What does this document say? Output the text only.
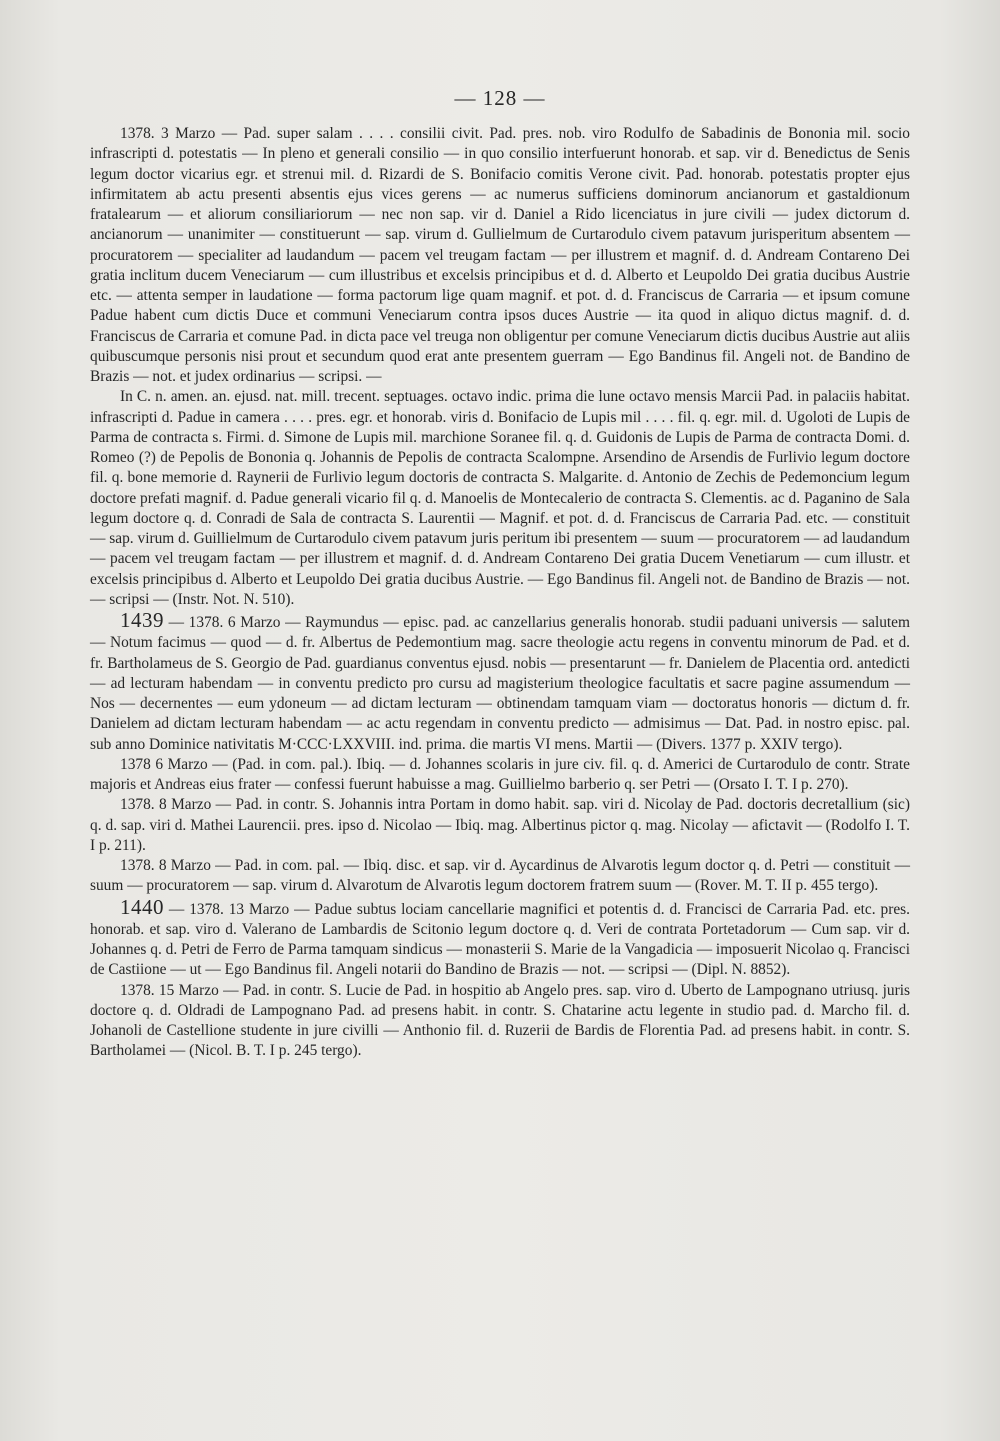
— 128 —

1378. 3 Marzo — Pad. super salam . . . . consilii civit. Pad. pres. nob. viro Rodulfo de Sabadinis de Bononia mil. socio infrascripti d. potestatis — In pleno et generali consilio — in quo consilio interfuerunt honorab. et sap. vir d. Benedictus de Senis legum doctor vicarius egr. et strenui mil. d. Rizardi de S. Bonifacio comitis Verone civit. Pad. honorab. potestatis propter ejus infirmitatem ab actu presenti absentis ejus vices gerens — ac numerus sufficiens dominorum ancianorum et gastaldionum fratalearum — et aliorum consiliariorum — nec non sap. vir d. Daniel a Rido licenciatus in jure civili — judex dictorum d. ancianorum — unanimiter — constituerunt — sap. virum d. Gullielmum de Curtarodulo civem patavum jurisperitum absentem — procuratorem — specialiter ad laudandum — pacem vel treugam factam — per illustrem et magnif. d. d. Andream Contareno Dei gratia inclitum ducem Veneciarum — cum illustribus et excelsis principibus et d. d. Alberto et Leupoldo Dei gratia ducibus Austrie etc. — attenta semper in laudatione — forma pactorum lige quam magnif. et pot. d. d. Franciscus de Carraria — et ipsum comune Padue habent cum dictis Duce et communi Veneciarum contra ipsos duces Austrie — ita quod in aliquo dictus magnif. d. d. Franciscus de Carraria et comune Pad. in dicta pace vel treuga non obligentur per comune Veneciarum dictis ducibus Austrie aut aliis quibuscumque personis nisi prout et secundum quod erat ante presentem guerram — Ego Bandinus fil. Angeli not. de Bandino de Brazis — not. et judex ordinarius — scripsi. —

In C. n. amen. an. ejusd. nat. mill. trecent. septuages. octavo indic. prima die lune octavo mensis Marcii Pad. in palaciis habitat. infrascripti d. Padue in camera . . . . pres. egr. et honorab. viris d. Bonifacio de Lupis mil . . . . fil. q. egr. mil. d. Ugoloti de Lupis de Parma de contracta s. Firmi. d. Simone de Lupis mil. marchione Soranee fil. q. d. Guidonis de Lupis de Parma de contracta Domi. d. Romeo (?) de Pepolis de Bononia q. Johannis de Pepolis de contracta Scalompne. Arsendino de Arsendis de Furlivio legum doctore fil. q. bone memorie d. Raynerii de Furlivio legum doctoris de contracta S. Malgarite. d. Antonio de Zechis de Pedemoncium legum doctore prefati magnif. d. Padue generali vicario fil q. d. Manoelis de Montecalerio de contracta S. Clementis. ac d. Paganino de Sala legum doctore q. d. Conradi de Sala de contracta S. Laurentii — Magnif. et pot. d. d. Franciscus de Carraria Pad. etc. — constituit — sap. virum d. Guillielmum de Curtarodulo civem patavum juris peritum ibi presentem — suum — procuratorem — ad laudandum — pacem vel treugam factam — per illustrem et magnif. d. d. Andream Contareno Dei gratia Ducem Venetiarum — cum illustr. et excelsis principibus d. Alberto et Leupoldo Dei gratia ducibus Austrie. — Ego Bandinus fil. Angeli not. de Bandino de Brazis — not. — scripsi — (Instr. Not. N. 510).

1439 — 1378. 6 Marzo — Raymundus — episc. pad. ac canzellarius generalis honorab. studii paduani universis — salutem — Notum facimus — quod — d. fr. Albertus de Pedemontium mag. sacre theologie actu regens in conventu minorum de Pad. et d. fr. Bartholameus de S. Georgio de Pad. guardianus conventus ejusd. nobis — presentarunt — fr. Danielem de Placentia ord. antedicti — ad lecturam habendam — in conventu predicto pro cursu ad magisterium theologice facultatis et sacre pagine assumendum — Nos — decernentes — eum ydoneum — ad dictam lecturam — obtinendam tamquam viam — doctoratus honoris — dictum d. fr. Danielem ad dictam lecturam habendam — ac actu regendam in conventu predicto — admisimus — Dat. Pad. in nostro episc. pal. sub anno Dominice nativitatis M·CCC·LXXVIII. ind. prima. die martis VI mens. Martii — (Divers. 1377 p. XXIV tergo).

1378 6 Marzo — (Pad. in com. pal.). Ibiq. — d. Johannes scolaris in jure civ. fil. q. d. Americi de Curtarodulo de contr. Strate majoris et Andreas eius frater — confessi fuerunt habuisse a mag. Guillielmo barberio q. ser Petri — (Orsato I. T. I p. 270).

1378. 8 Marzo — Pad. in contr. S. Johannis intra Portam in domo habit. sap. viri d. Nicolay de Pad. doctoris decretallium (sic) q. d. sap. viri d. Mathei Laurencii. pres. ipso d. Nicolao — Ibiq. mag. Albertinus pictor q. mag. Nicolay — afictavit — (Rodolfo I. T. I p. 211).

1378. 8 Marzo — Pad. in com. pal. — Ibiq. disc. et sap. vir d. Aycardinus de Alvarotis legum doctor q. d. Petri — constituit — suum — procuratorem — sap. virum d. Alvarotum de Alvarotis legum doctorem fratrem suum — (Rover. M. T. II p. 455 tergo).

1440 — 1378. 13 Marzo — Padue subtus lociam cancellarie magnifici et potentis d. d. Francisci de Carraria Pad. etc. pres. honorab. et sap. viro d. Valerano de Lambardis de Scitonio legum doctore q. d. Veri de contrata Portetadorum — Cum sap. vir d. Johannes q. d. Petri de Ferro de Parma tamquam sindicus — monasterii S. Marie de la Vangadicia — imposuerit Nicolao q. Francisci de Castiione — ut — Ego Bandinus fil. Angeli notarii do Bandino de Brazis — not. — scripsi — (Dipl. N. 8852).

1378. 15 Marzo — Pad. in contr. S. Lucie de Pad. in hospitio ab Angelo pres. sap. viro d. Uberto de Lampognano utriusq. juris doctore q. d. Oldradi de Lampognano Pad. ad presens habit. in contr. S. Chatarine actu legente in studio pad. d. Marcho fil. d. Johanoli de Castellione studente in jure civilli — Anthonio fil. d. Ruzerii de Bardis de Florentia Pad. ad presens habit. in contr. S. Bartholamei — (Nicol. B. T. I p. 245 tergo).
